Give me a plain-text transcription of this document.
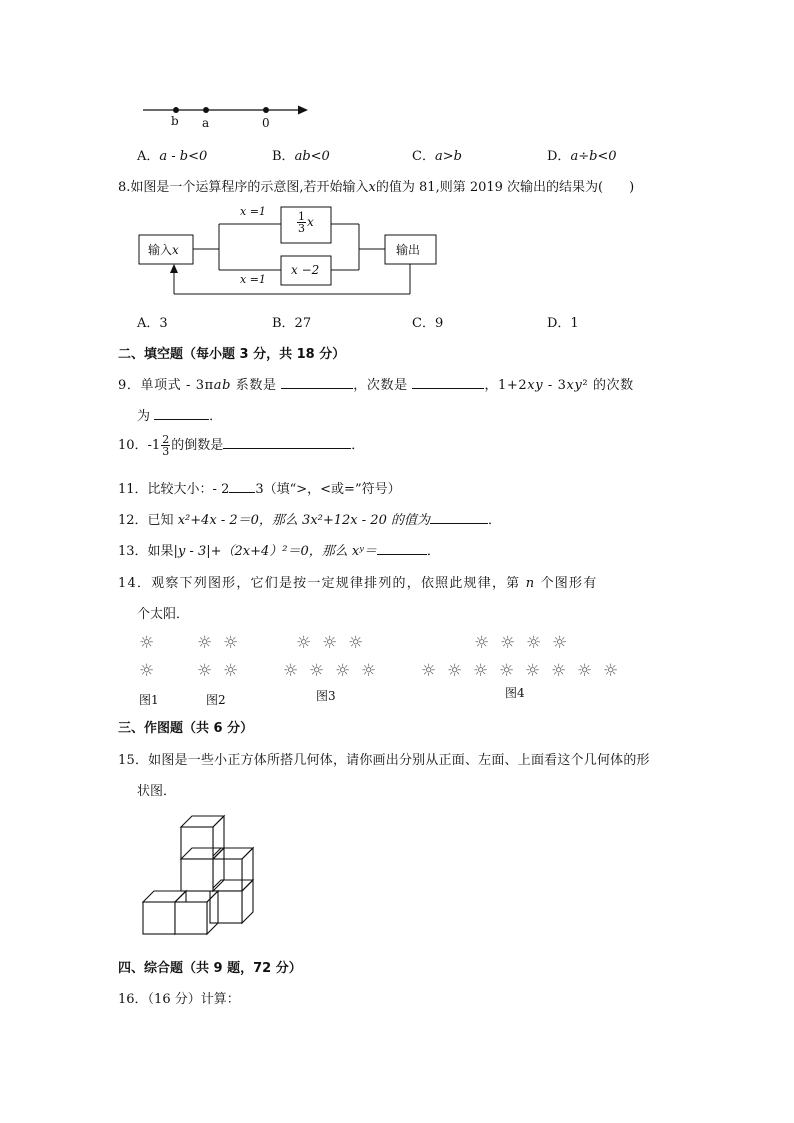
b a	0
A．a - b<0	B．ab<0	C．a>b	D．a÷b<0
8.如图是一个运算程序的示意图,若开始输入x的值为 81,则第 2019 次输出的结果为(　　)
输入x
x =1
x =1
$\frac{1}{3}$ x
x −2
输出
A．3	B．27	C．9	D．1
二、填空题（每小题 3 分，共 18 分）
9．单项式 - 3πab 系数是	，次数是	，1+2xy - 3xy² 的次数
为	．
10．$-1 \frac{2}{3}$ 的倒数是	．
11．比较大小：- 2 3（填“>，<或=”符号）
12．已知 x²+4x - 2＝0，那么 3x²+12x - 20 的值为	．
13．如果|y - 3|+（2x+4）²＝0，那么 xʸ＝	．
14．观察下列图形，它们是按一定规律排列的，依照此规律，第 n 个图形有
个太阳．
☼
☼
☼ ☼
☼ ☼
☼ ☼ ☼
☼ ☼ ☼ ☼
☼ ☼ ☼ ☼
☼ ☼ ☼ ☼ ☼ ☼ ☼ ☼
图1	图2	图3	图4
三、作图题（共 6 分）
15．如图是一些小正方体所搭几何体，请你画出分别从正面、左面、上面看这个几何体的形
状图．
四、综合题（共 9 题，72 分）
16．（16 分）计算：
